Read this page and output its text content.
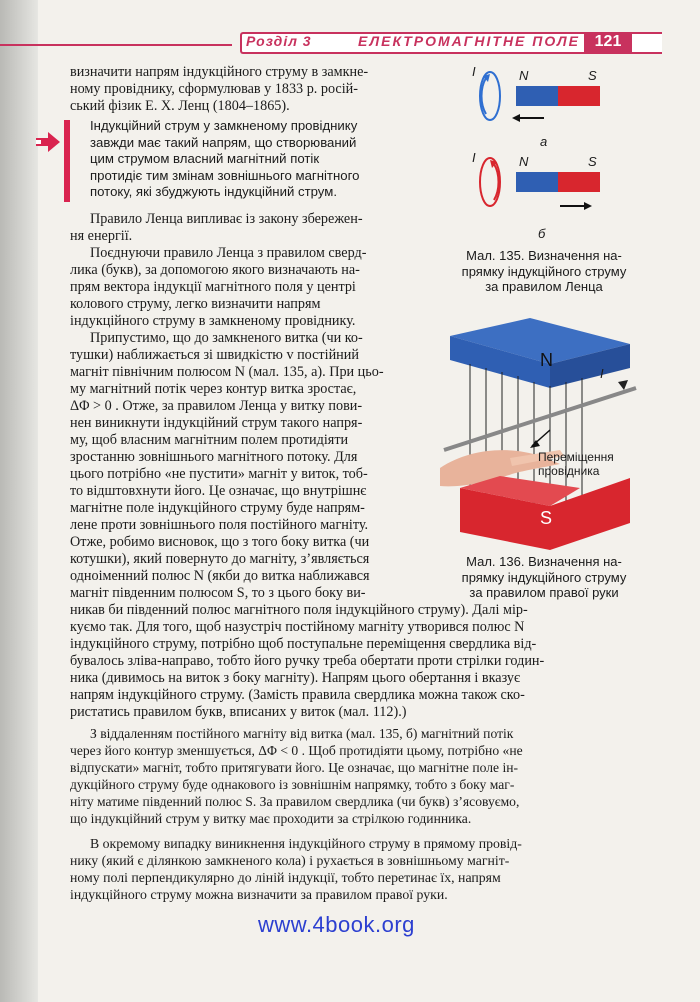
Розділ 3	ЕЛЕКТРОМАГНІТНЕ ПОЛЕ 121

визначити напрям індукційного струму в замкне-

ному провіднику, сформулював у 1833 р. росій-

ський фізик Е. Х. Ленц (1804–1865).

Індукційний струм у замкненому провіднику

завжди має такий напрям, що створюваний

цим струмом власний магнітний потік

протидіє тим змінам зовнішнього магнітного

потоку, які збуджують індукційний струм.

Правило Ленца випливає із закону збережен-

ня енергії.

Поєднуючи правило Ленца з правилом сверд-

лика (букв), за допомогою якого визначають на-

прям вектора індукції магнітного поля у центрі

колового струму, легко визначити напрям

індукційного струму в замкненому провіднику.

Припустимо, що до замкненого витка (чи ко-

тушки) наближається зі швидкістю v постійний

магніт північним полюсом N (мал. 135, а). При цьо-

му магнітний потік через контур витка зростає,

ΔΦ > 0 . Отже, за правилом Ленца у витку пови-

нен виникнути індукційний струм такого напря-

му, щоб власним магнітним полем протидіяти

зростанню зовнішнього магнітного потоку. Для

цього потрібно «не пустити» магніт у виток, тоб-

то відштовхнути його. Це означає, що внутрішнє

магнітне поле індукційного струму буде напрям-

лене проти зовнішнього поля постійного магніту.

Отже, робимо висновок, що з того боку витка (чи

котушки), який повернуто до магніту, з’являється

одноіменний полюс N (якби до витка наближався

магніт південним полюсом S, то з цього боку ви-

никав би південний полюс магнітного поля індукційного струму). Далі мір-

куємо так. Для того, щоб назустріч постійному магніту утворився полюс N

індукційного струму, потрібно щоб поступальне переміщення свердлика від-

бувалось зліва-направо, тобто його ручку треба обертати проти стрілки годин-

ника (дивимось на виток з боку магніту). Напрям цього обертання і вказує

напрям індукційного струму. (Замість правила свердлика можна також ско-

ристатись правилом букв, вписаних у виток (мал. 112).)

З віддаленням постійного магніту від витка (мал. 135, б) магнітний потік

через його контур зменшується, ΔΦ < 0 . Щоб протидіяти цьому, потрібно «не

відпускати» магніт, тобто притягувати його. Це означає, що магнітне поле ін-

дукційного струму буде однакового із зовнішнім напрямку, тобто з боку маг-

ніту матиме південний полюс S. За правилом свердлика (чи букв) з’ясовуємо,

що індукційний струм у витку має проходити за стрілкою годинника.

В окремому випадку виникнення індукційного струму в прямому провід-

нику (який є ділянкою замкненого кола) і рухається в зовнішньому магніт-

ному полі перпендикулярно до ліній індукції, тобто перетинає їх, напрям

індукційного струму можна визначити за правилом правої руки.

I	N	S
а
I	N	S
б
Мал. 135. Визначення на-
прямку індукційного струму
за правилом Ленца
N
I
S
Переміщення
провідника
Мал. 136. Визначення на-
прямку індукційного струму
за правилом правої руки
www.4book.org
